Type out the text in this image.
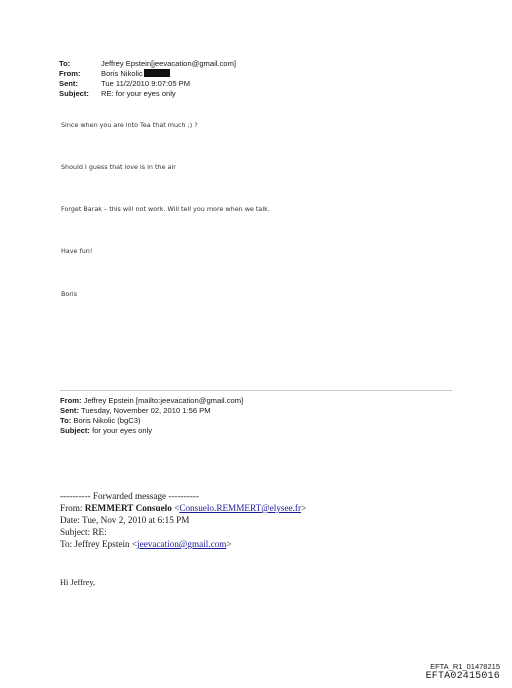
To:	Jeffrey Epstein[jeevacation@gmail.com]
From:	Boris Nikolic
Sent:	Tue 11/2/2010 9:07:05 PM
Subject:	RE: for your eyes only
Since when you are into Tea that much ;) ?
Should I guess that love is in the air
Forget Barak – this will not work. Will tell you more when we talk.
Have fun!
Boris
From: Jeffrey Epstein [mailto:jeevacation@gmail.com]
Sent: Tuesday, November 02, 2010 1:56 PM
To: Boris Nikolic (bgC3)
Subject: for your eyes only
---------- Forwarded message ----------
From: REMMERT Consuelo <Consuelo.REMMERT@elysee.fr>
Date: Tue, Nov 2, 2010 at 6:15 PM
Subject: RE:
To: Jeffrey Epstein <jeevacation@gmail.com>
Hi Jeffrey,
EFTA_R1_01478215
EFTA02415016
